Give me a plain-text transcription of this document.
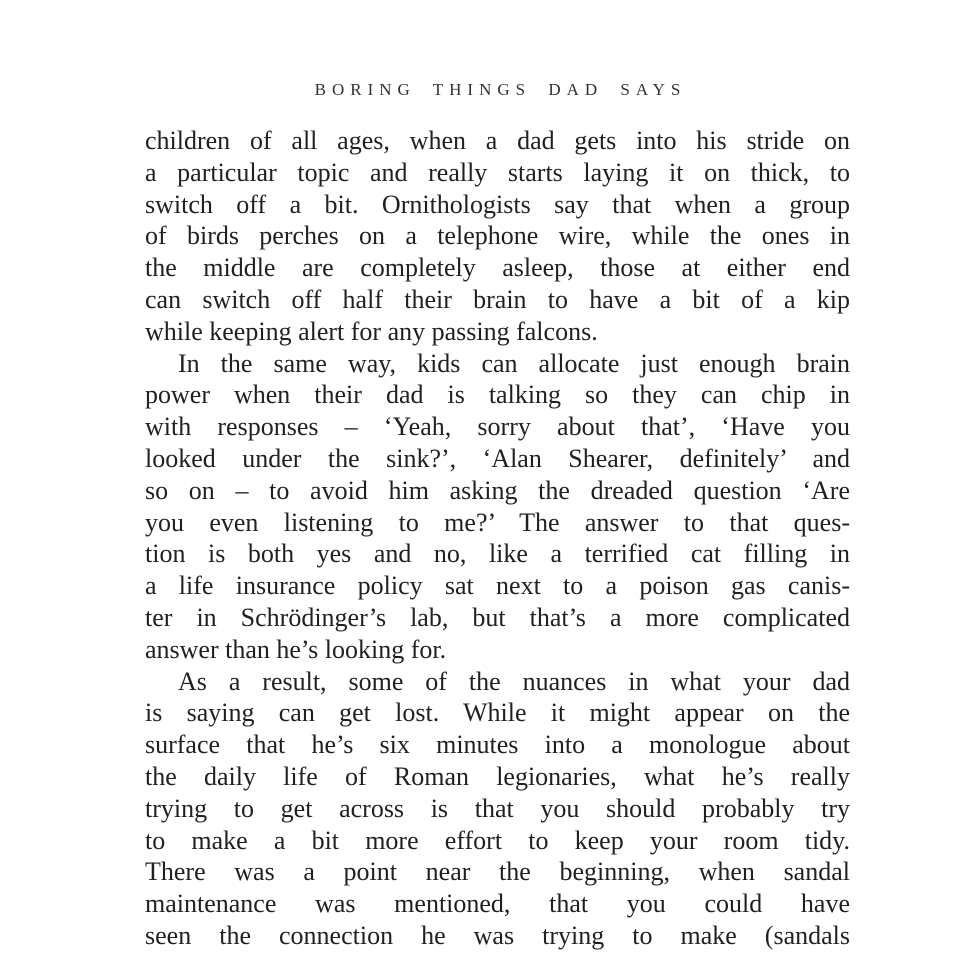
BORING THINGS DAD SAYS
children of all ages, when a dad gets into his stride on
a particular topic and really starts laying it on thick, to
switch off a bit. Ornithologists say that when a group
of birds perches on a telephone wire, while the ones in
the middle are completely asleep, those at either end
can switch off half their brain to have a bit of a kip
while keeping alert for any passing falcons.
In the same way, kids can allocate just enough brain
power when their dad is talking so they can chip in
with responses – ‘Yeah, sorry about that’, ‘Have you
looked under the sink?’, ‘Alan Shearer, definitely’ and
so on – to avoid him asking the dreaded question ‘Are
you even listening to me?’ The answer to that ques-
tion is both yes and no, like a terrified cat filling in
a life insurance policy sat next to a poison gas canis-
ter in Schrödinger’s lab, but that’s a more complicated
answer than he’s looking for.
As a result, some of the nuances in what your dad
is saying can get lost. While it might appear on the
surface that he’s six minutes into a monologue about
the daily life of Roman legionaries, what he’s really
trying to get across is that you should probably try
to make a bit more effort to keep your room tidy.
There was a point near the beginning, when sandal
maintenance was mentioned, that you could have
seen the connection he was trying to make (sandals
